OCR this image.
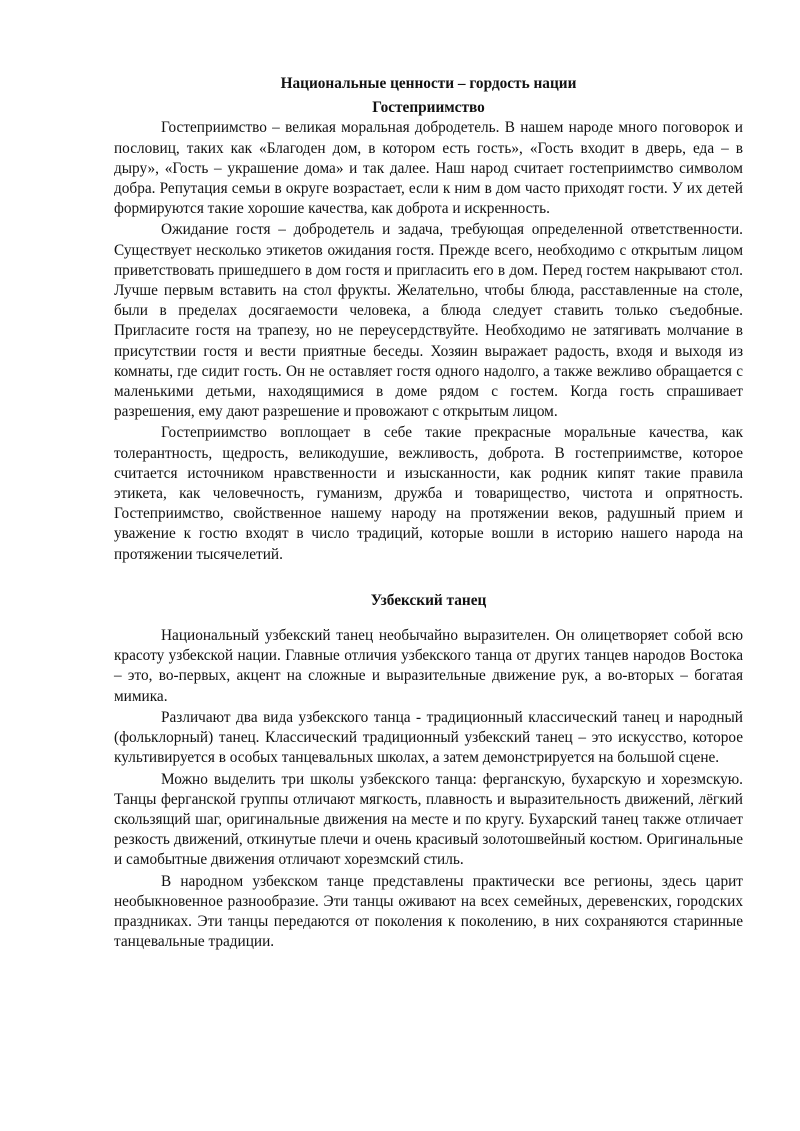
Национальные ценности – гордость нации

Гостеприимство

Гостеприимство – великая моральная добродетель. В нашем народе много поговорок и пословиц, таких как «Благоден дом, в котором есть гость», «Гость входит в дверь, еда – в дыру», «Гость – украшение дома» и так далее. Наш народ считает гостеприимство символом добра. Репутация семьи в округе возрастает, если к ним в дом часто приходят гости. У их детей формируются такие хорошие качества, как доброта и искренность.

Ожидание гостя – добродетель и задача, требующая определенной ответственности. Существует несколько этикетов ожидания гостя. Прежде всего, необходимо с открытым лицом приветствовать пришедшего в дом гостя и пригласить его в дом. Перед гостем накрывают стол. Лучше первым вставить на стол фрукты. Желательно, чтобы блюда, расставленные на столе, были в пределах досягаемости человека, а блюда следует ставить только съедобные. Пригласите гостя на трапезу, но не переусердствуйте. Необходимо не затягивать молчание в присутствии гостя и вести приятные беседы. Хозяин выражает радость, входя и выходя из комнаты, где сидит гость. Он не оставляет гостя одного надолго, а также вежливо обращается с маленькими детьми, находящимися в доме рядом с гостем. Когда гость спрашивает разрешения, ему дают разрешение и провожают с открытым лицом.

Гостеприимство воплощает в себе такие прекрасные моральные качества, как толерантность, щедрость, великодушие, вежливость, доброта. В гостеприимстве, которое считается источником нравственности и изысканности, как родник кипят такие правила этикета, как человечность, гуманизм, дружба и товарищество, чистота и опрятность. Гостеприимство, свойственное нашему народу на протяжении веков, радушный прием и уважение к гостю входят в число традиций, которые вошли в историю нашего народа на протяжении тысячелетий.

Узбекский танец

Национальный узбекский танец необычайно выразителен. Он олицетворяет собой всю красоту узбекской нации. Главные отличия узбекского танца от других танцев народов Востока – это, во-первых, акцент на сложные и выразительные движение рук, а во-вторых – богатая мимика.

Различают два вида узбекского танца - традиционный классический танец и народный (фольклорный) танец. Классический традиционный узбекский танец – это искусство, которое культивируется в особых танцевальных школах, а затем демонстрируется на большой сцене.

Можно выделить три школы узбекского танца: ферганскую, бухарскую и хорезмскую. Танцы ферганской группы отличают мягкость, плавность и выразительность движений, лёгкий скользящий шаг, оригинальные движения на месте и по кругу. Бухарский танец также отличает резкость движений, откинутые плечи и очень красивый золотошвейный костюм. Оригинальные и самобытные движения отличают хорезмский стиль.

В народном узбекском танце представлены практически все регионы, здесь царит необыкновенное разнообразие. Эти танцы оживают на всех семейных, деревенских, городских праздниках. Эти танцы передаются от поколения к поколению, в них сохраняются старинные танцевальные традиции.
